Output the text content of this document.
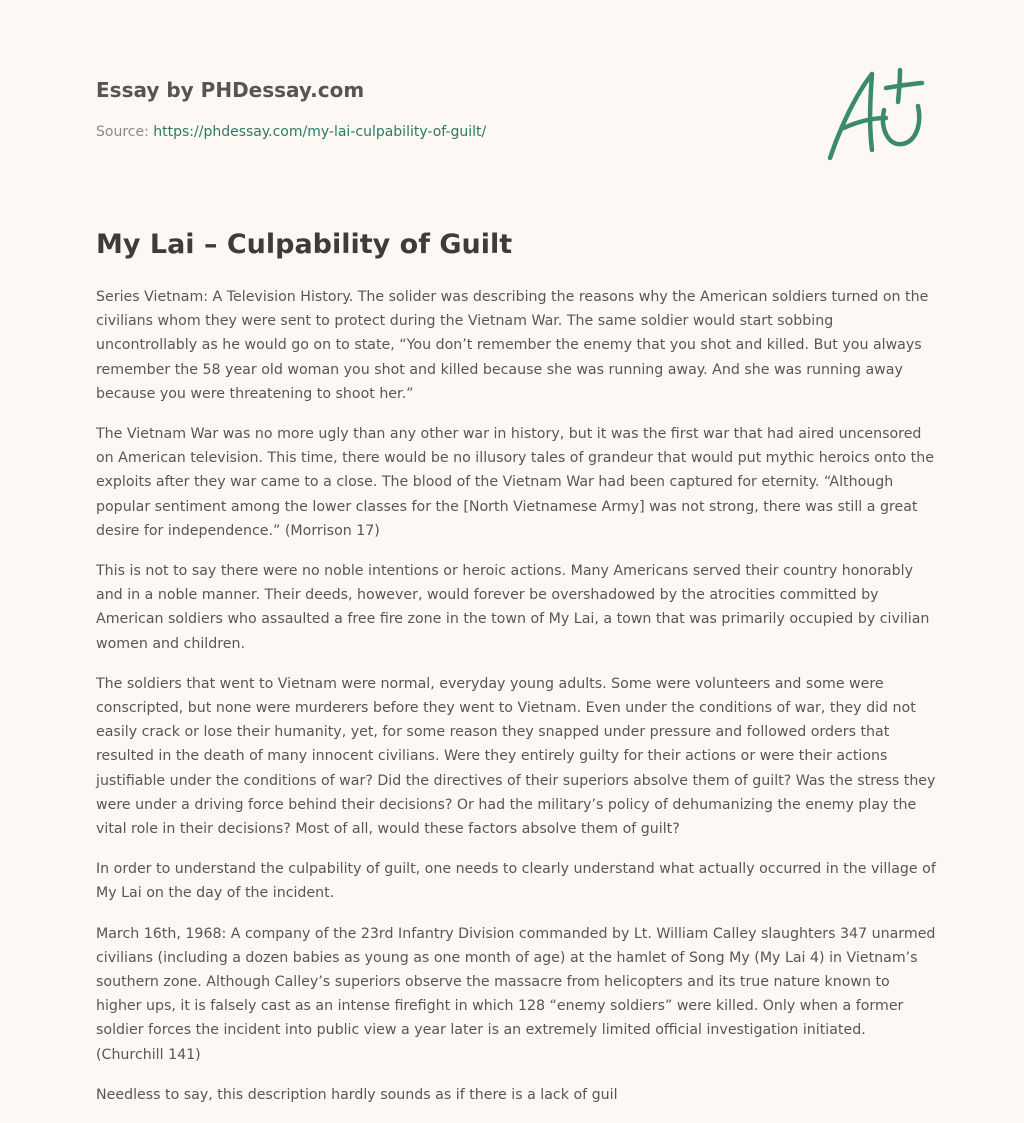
Essay by PHDessay.com
Source: https://phdessay.com/my-lai-culpability-of-guilt/
My Lai – Culpability of Guilt

Series Vietnam: A Television History. The solider was describing the reasons why the American soldiers turned on the civilians whom they were sent to protect during the Vietnam War. The same soldier would start sobbing uncontrollably as he would go on to state, “You don’t remember the enemy that you shot and killed. But you always remember the 58 year old woman you shot and killed because she was running away. And she was running away because you were threatening to shoot her.”

The Vietnam War was no more ugly than any other war in history, but it was the first war that had aired uncensored on American television. This time, there would be no illusory tales of grandeur that would put mythic heroics onto the exploits after they war came to a close. The blood of the Vietnam War had been captured for eternity. “Although popular sentiment among the lower classes for the [North Vietnamese Army] was not strong, there was still a great desire for independence.” (Morrison 17)

This is not to say there were no noble intentions or heroic actions. Many Americans served their country honorably and in a noble manner. Their deeds, however, would forever be overshadowed by the atrocities committed by American soldiers who assaulted a free fire zone in the town of My Lai, a town that was primarily occupied by civilian women and children.

The soldiers that went to Vietnam were normal, everyday young adults. Some were volunteers and some were conscripted, but none were murderers before they went to Vietnam. Even under the conditions of war, they did not easily crack or lose their humanity, yet, for some reason they snapped under pressure and followed orders that resulted in the death of many innocent civilians. Were they entirely guilty for their actions or were their actions justifiable under the conditions of war? Did the directives of their superiors absolve them of guilt? Was the stress they were under a driving force behind their decisions? Or had the military’s policy of dehumanizing the enemy play the vital role in their decisions? Most of all, would these factors absolve them of guilt?

In order to understand the culpability of guilt, one needs to clearly understand what actually occurred in the village of My Lai on the day of the incident.

March 16th, 1968: A company of the 23rd Infantry Division commanded by Lt. William Calley slaughters 347 unarmed civilians (including a dozen babies as young as one month of age) at the hamlet of Song My (My Lai 4) in Vietnam’s southern zone. Although Calley’s superiors observe the massacre from helicopters and its true nature known to higher ups, it is falsely cast as an intense firefight in which 128 “enemy soldiers” were killed. Only when a former soldier forces the incident into public view a year later is an extremely limited official investigation initiated. (Churchill 141)

Needless to say, this description hardly sounds as if there is a lack of guil
